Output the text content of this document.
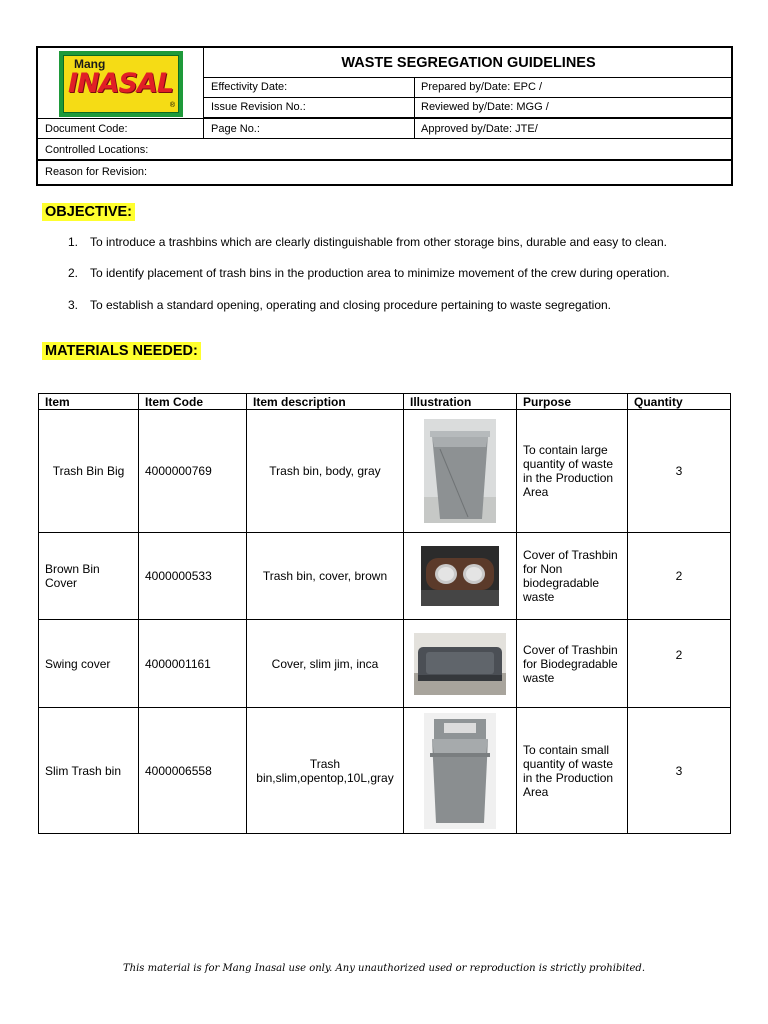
Mang
INASAL
®
WASTE SEGREGATION GUIDELINES
Effectivity Date:	Prepared by/Date: EPC /
Issue Revision No.:	Reviewed by/Date: MGG /
Document Code:	Page No.:	Approved by/Date: JTE/
Controlled Locations:
Reason for Revision:
OBJECTIVE:
1. To introduce a trashbins which are clearly distinguishable from other storage bins, durable and easy to clean.
2. To identify placement of trash bins in the production area to minimize movement of the crew during operation.
3. To establish a standard opening, operating and closing procedure pertaining to waste segregation.
MATERIALS NEEDED:
Item	Item Code	Item description	Illustration	Purpose	Quantity
Trash Bin Big	4000000769	Trash bin, body, gray		To contain large quantity of waste in the Production Area	3
Brown Bin Cover	4000000533	Trash bin, cover, brown		Cover of Trashbin for Non biodegradable waste	2
Swing cover	4000001161	Cover, slim jim, inca		Cover of Trashbin for Biodegradable waste	2
Slim Trash bin	4000006558	Trash bin,slim,opentop,10L,gray		To contain small quantity of waste in the Production Area	3
This material is for Mang Inasal use only. Any unauthorized used or reproduction is strictly prohibited.
